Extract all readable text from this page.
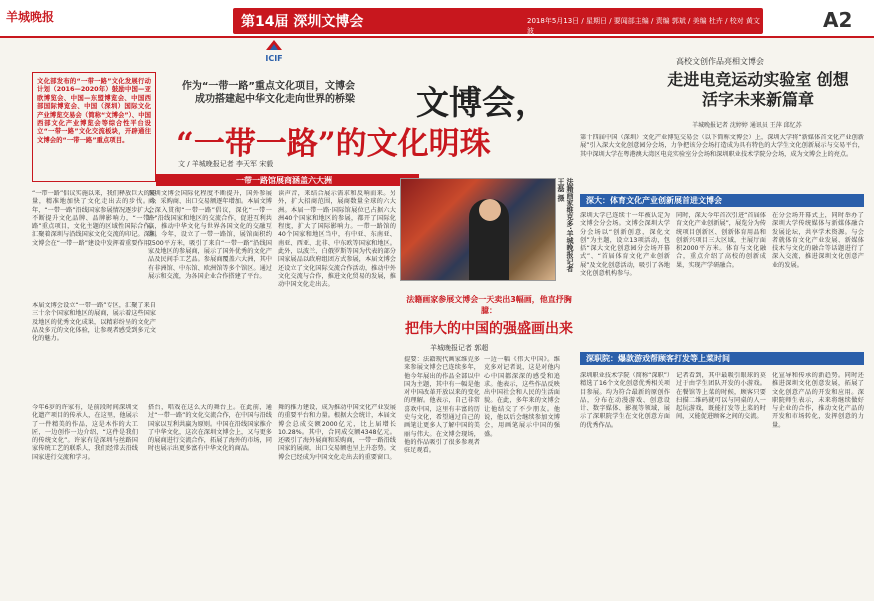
羊城晚报	第14届 深圳文博会	2018年5月13日 / 星期日 / 要闻部主编 / 责编 郭斌 / 美编 杜卉 / 校对 黄文波	A2
ICIF
文化部发布的“一带一路”文化发展行动计划（2016—2020年）鼓励中国—亚欧博览会、中国—东盟博览会、中国西部国际博览会、中国（深圳）国际文化产业博览交易会（简称“文博会”）、中国西部文化产业博览会等综合性平台设立“一带一路”文化交流板块，开辟通往文博会的“一带一路”重点项目。
作为“一带一路”重点文化项目，文博会成功搭建起中华文化走向世界的桥梁 文博会，
“一带一路”的文化明珠
文 / 羊城晚报记者 李天军 宋毅
一带一路馆展商涵盖六大洲
“一带一路”倡议实施以来，我们释放巨大的能量，精准地加快了文化走出去的步伐。今年，“一带一路”沿线国家参展情况逐步扩大，不断提升文化品牌、品牌影响力，“一带一路”重点项目，文化主题的区域性国际合作，汇聚着深圳与沿线国家文化交流的印记。深圳文博会在“一带一路”建设中发挥着重要作用。
本届文博会设立“一带一路”专区，汇聚了来自三十余个国家和地区的展商，展示着这些国家及地区的优秀文化成果，以精彩纷呈的文化产品及多元的文化体验，让参观者感受到多元文化的魅力。
深圳文博会国际化程度不断提升，国外参展商、采购商、出口交易额逐年增加。本届文博会深入贯彻“一带一路”倡议，深化“一带一路”沿线国家和地区的交流合作，促进互利共赢，推动中华文化与世界各国文化的交融互鉴。今年，设立了一带一路馆，展馆面积约7500平方米，吸引了来自“一带一路”沿线国家及地区的参展商，展示了国外优秀的文化产品及民间手工艺品。参展商覆盖六大洲，其中有非洲馆、中东馆、欧洲馆等多个馆区。通过展示和交流，为各国企业合作搭建了平台。
读声音，来结合展示需求和反响而来。另外，扩大招商范围，展商数量全球的六大洲。本届一带一路·国际馆展位已占据六大洲40个国家和地区的参展，都开了国际化程度，扩大了国际影响力。一带一路馆的40个国家和地区当中，有中亚、东南亚、南亚、西亚、北非、中东欧等国家和地区。此外，以波兰、白俄罗斯等国为代表的部分国家展品以政府组团方式参展，本届文博会还设立了文化国际交流合作活动，推动中外文化交流与合作，推进文化贸易的发展，推动中国文化走出去。
法籍画家维克多·羊城晚报记者 王磊 摄
法籍画家参展文博会一天卖出3幅画，他直抒胸臆：
把伟大的中国的强盛画出来
羊城晚报记者 郭超
提要：法籍现代画家维克多来参展文博会已连续多年，他今年展出的作品全部以中国为主题，其中有一幅是他对中国改革开放以来的变化的理解。他表示，自己非常喜欢中国，这里有丰富的历史与文化，希望通过自己的画笔让更多人了解中国的美丽与伟大。在文博会现场，他的作品吸引了很多参观者驻足观看。
一边一幅《伟大中国》。维克多对记者说，这是对他内心中国都深深的感受和追求。他表示，这些作品反映出中国社会和人民的生活面貌。在此，多年来的文博会让他结交了不少朋友。他说，他以后会继续参加文博会，用画笔展示中国的强盛。
今年6岁的许家有，是前段时间深圳文化遗产项目的传承人，在这里，他展示了一件精美的作品，这是木作的大工匠，一边创作一边介绍，“这件是我们的传统文化”。许家有是深圳与丝路国家传统工艺的联系人，我们经常去沿线国家进行交流和学习。
搭台，唱戏在这么大的舞台上。在此前，通过“一带一路”的文化交流合作，在中国与沿线国家以互利共赢为原则。中国在沿线国家推介了中华文化，这次在深圳文博会上，又与更多的展商进行交流合作，拓展了海外的市场，同时也展示出更多富有中华文化的商品。
舞的推力建设，成为推动中国文化产业发展的重要平台和力量。根据大会统计，本届文博会总成交额2000亿元，比上届增长10.28%。其中，合同成交额4348亿元。还吸引了海外展商和采购商，一带一路沿线国家的展商，出口交易额也呈上升态势。文博会已经成为中国文化走出去的重要窗口。
高校文创作品亮相文博会
走进电竞运动实验室 创想活字未来新篇章
羊城晚报记者 沈婷婷 通讯员 王萍 邱忆苏
第十四届中国（深圳）文化产业博览交易会（以下简称文博会）上，深圳大学将“新媒体首文化产业创新展”引入深大文化创意园分会场，力争把该分会场打造成为具有特色的大学生文化创新展示与交易平台，其中深圳大学在粤港澳大湾区电竞实验室分会场和深圳职业技术学院分会场，成为文博会上的亮点。
深大：体育文化产业创新展首进文博会
深圳大学已连续十一年被认定为文博会分会场。文博会深圳大学分会场以“创新创意，深化文创”为主题，设立13项活动，包括“深大文化创意园分会场开幕式”、“首届体育文化产业创新展”及文化创意活动，吸引了各地文化创意机构参与。
同时，深大今年首次引进“首届体育文化产业创新展”，展览分为传统项目创新区、创新体育用品和创新兴项目三大区域，主展厅面积2000平方米。体育与文化融合，重点介绍了高校的创新成果，实现产学研融合。
在分会场开幕式上，同时举办了深圳大学传统媒体与新媒体融合发展论坛，共享学术资源。与会者就体育文化产业发展、新媒体技术与文化的融合等话题进行了深入交流，推进深圳文化创意产业的发展。
深职院：爆款游戏帮顾客打发等上菜时间
深圳职业技术学院（简称“深职”）精选了16个文化创意优秀相关项目参展。均为符合最新的原创作品，分布在动漫游戏、创意设计、数字媒体、影视等领域，展示了深职院学生在文化创意方面的优秀作品。
记者看到，其中最吸引眼球的莫过于由学生团队开发的小游戏。在餐馆等上菜的时候，顾客只要扫描二维码就可以与同桌的人一起玩游戏，既能打发等上菜的时间，又能促进顾客之间的交流。
化宣导和传承的新趋势。同时还推进深圳文化创意发展，拓展了文化创意产品的开发和应用。深职院师生表示，未来将继续做好与企业的合作，推动文化产品的开发和市场转化，发挥创意的力量。
